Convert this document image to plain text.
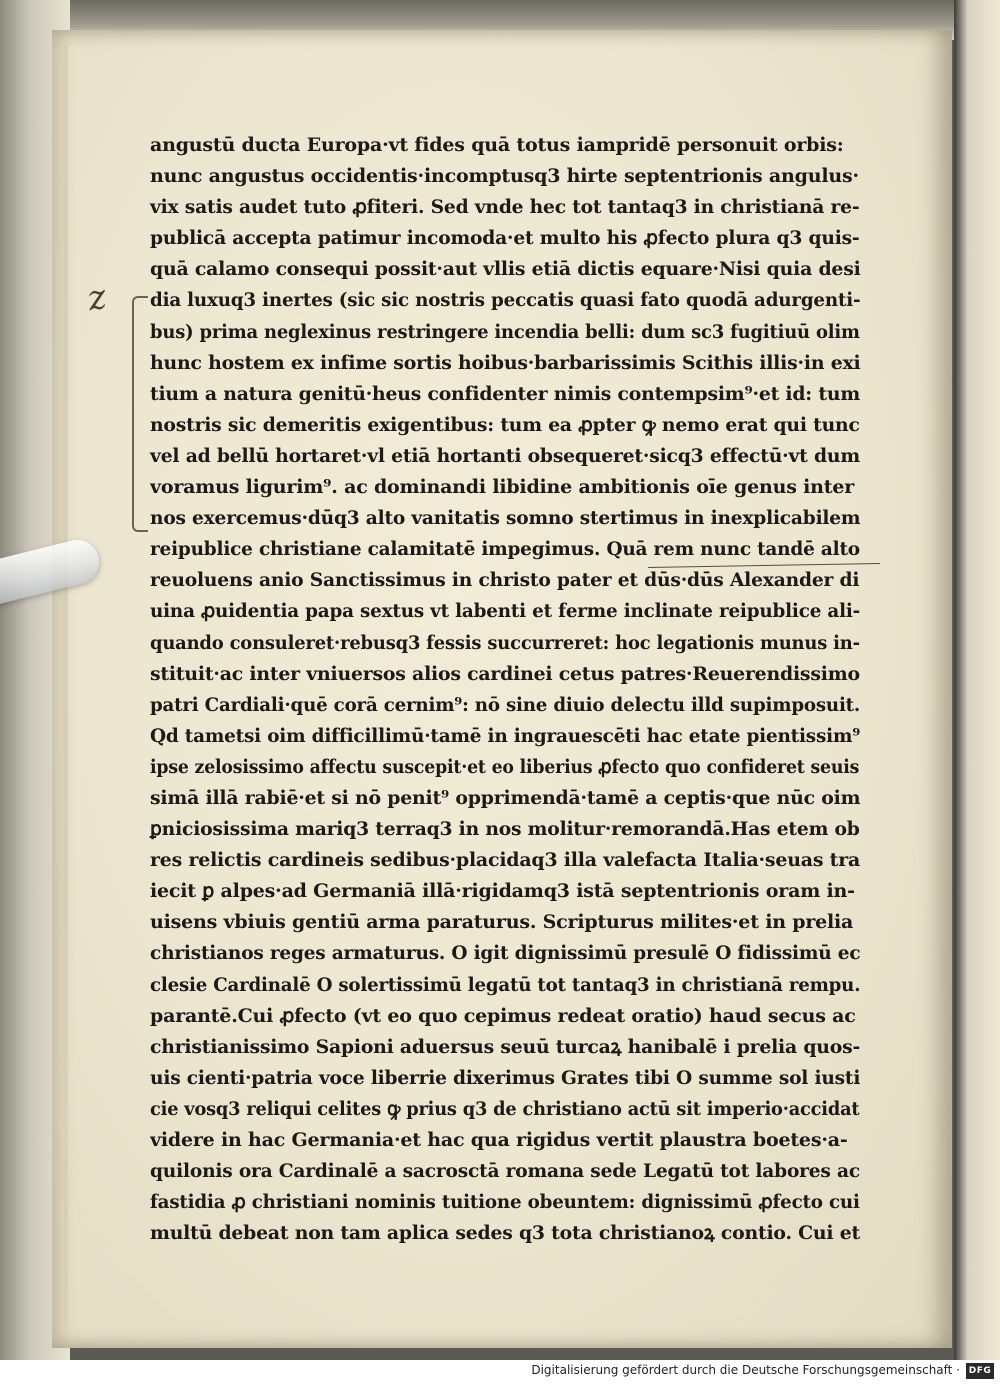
z
angustū ducta Europa·vt fides quā totus iampridē personuit orbis:
nunc angustus occidentis·incomptusq3 hirte septentrionis angulus·
vix satis audet tuto ꝓfiteri. Sed vnde hec tot tantaq3 in christianā re-
publicā accepta patimur incomoda·et multo his ꝓfecto plura q3 quis-
quā calamo consequi possit·aut vllis etiā dictis equare·Nisi quia desi
dia luxuq3 inertes (sic sic nostris peccatis quasi fato quodā adurgenti-
bus) prima neglexinus restringere incendia belli: dum sc3 fugitiuū olim
hunc hostem ex infime sortis hoibus·barbarissimis Scithis illis·in exi
tium a natura genitū·heus confidenter nimis contempsim⁹·et id: tum
nostris sic demeritis exigentibus: tum ea ꝓpter ꝙ nemo erat qui tunc
vel ad bellū hortaret·vl etiā hortanti obsequeret·sicq3 effectū·vt dum
voramus ligurim⁹. ac dominandi libidine ambitionis oīe genus inter
nos exercemus·dūq3 alto vanitatis somno stertimus in inexplicabilem
reipublice christiane calamitatē impegimus. Quā rem nunc tandē alto
reuoluens anio Sanctissimus in christo pater et dūs·dūs Alexander di
uina ꝓuidentia papa sextus vt labenti et ferme inclinate reipublice ali-
quando consuleret·rebusq3 fessis succurreret: hoc legationis munus in-
stituit·ac inter vniuersos alios cardinei cetus patres·Reuerendissimo
patri Cardiali·quē corā cernim⁹: nō sine diuio delectu illd supimposuit.
Qd tametsi oim difficillimū·tamē in ingrauescēti hac etate pientissim⁹
ipse zelosissimo affectu suscepit·et eo liberius ꝓfecto quo confideret seuis
simā illā rabiē·et si nō penit⁹ opprimendā·tamē a ceptis·que nūc oim
ꝑniciosissima mariq3 terraq3 in nos molitur·remorandā.Has etem ob
res relictis cardineis sedibus·placidaq3 illa valefacta Italia·seuas tra
iecit ꝑ alpes·ad Germaniā illā·rigidamq3 istā septentrionis oram in-
uisens vbiuis gentiū arma paraturus. Scripturus milites·et in prelia
christianos reges armaturus. O igit dignissimū presulē O fidissimū ec
clesie Cardinalē O solertissimū legatū tot tantaq3 in christianā rempu.
parantē.Cui ꝓfecto (vt eo quo cepimus redeat oratio) haud secus ac
christianissimo Sapioni aduersus seuū turcaꝝ hanibalē i prelia quos-
uis cienti·patria voce liberrie dixerimus Grates tibi O summe sol iusti
cie vosq3 reliqui celites ꝙ prius q3 de christiano actū sit imperio·accidat
videre in hac Germania·et hac qua rigidus vertit plaustra boetes·a-
quilonis ora Cardinalē a sacrosctā romana sede Legatū tot labores ac
fastidia ꝓ christiani nominis tuitione obeuntem: dignissimū ꝓfecto cui
multū debeat non tam aplica sedes q3 tota christianoꝝ contio. Cui et
Digitalisierung gefördert durch die Deutsche Forschungsgemeinschaft · DFG
